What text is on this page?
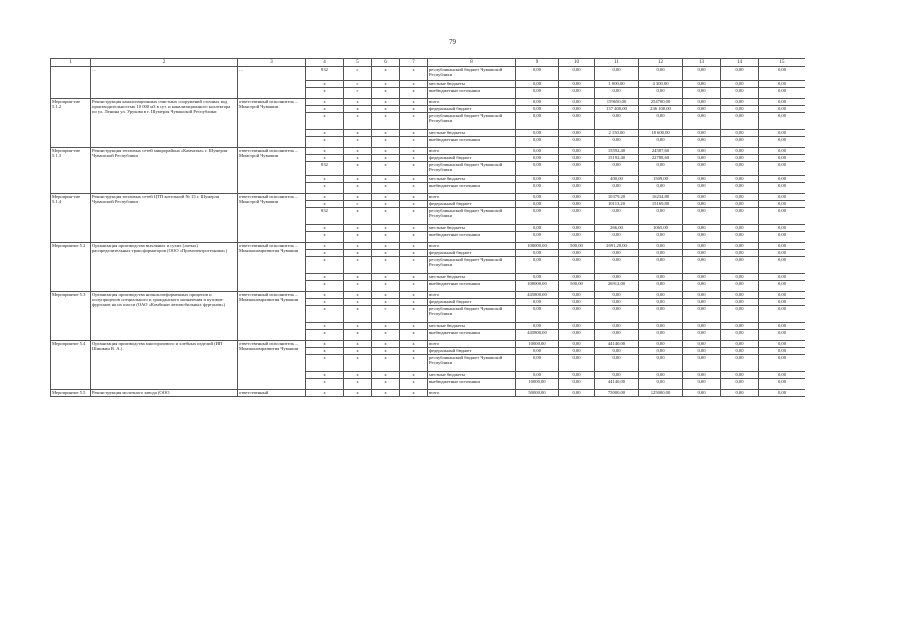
79
1	2	3	4	5	6	7	8	9	10	11	12	13	14	15
	…	…	832	г	х	х	республиканский бюджет Чувашской Республики	0,00	0,00	0,00	0,00	0,00	0,00	0,00
			х	г	х	х	местные бюджеты	0,00	0,00	1 000,00	4 300,00	0,00	0,00	0,00
			х	г	х	х	внебюджетные источники	0,00	0,00	0,00	0,00	0,00	0,00	0,00
Мероприя-тие 5.1.2	Реконструкция канализационных очистных сооружений сточных вод производительностью 10 000 м3 в сут. и канализационного коллектора по ул. Ленина ул. Урукова в г. Шумерля Чувашской Республики	ответственный исполнитель – Минстрой Чувашии	х	х	х	х	всего	0,00	0,00	159650,00	254700,00	0,00	0,00	0,00
			х	х	х	х	федеральный бюджет	0,00	0,00	157 400,00	236 100,00	0,00	0,00	0,00
			х	х	х	х	республиканский бюджет Чувашской Республики	0,00	0,00	0,00	0,00	0,00	0,00	0,00
			х	х	х	х	местные бюджеты	0,00	0,00	2 150,00	18 600,00	0,00	0,00	0,00
			х	х	х	х	внебюджетные источники	0,00	0,00	0,00	0,00	0,00	0,00	0,00
Мероприя-тие 5.1.3	Реконструкция тепловых сетей микрорайона «Камчатка» г. Шумерля Чувашской Республики	ответственный исполнитель – Минстрой Чувашии	х	х	х	х	всего	0,00	0,00	15592,40	24587,60	0,00	0,00	0,00
			х	х	х	х	федеральный бюджет	0,00	0,00	15192,40	22788,60	0,00	0,00	0,00
			832	х	х	х	республиканский бюджет Чувашской Республики	0,00	0,00	0,00	0,00	0,00	0,00	0,00
			х	х	х	х	местные бюджеты	0,00	0,00	400,00	1509,00	0,00	0,00	0,00
			х	х	х	х	внебюджетные источники	0,00	0,00	0,00	0,00	0,00	0,00	0,00
Мероприя-тие 5.1.4	Реконструкция тепловых сетей ЦТП котельной № 15 г. Шумерля Чувашской Республики	ответственный исполнитель – Минстрой Чувашии	х	х	х	х	всего	0,00	0,00	10379,20	16234,80	0,00	0,00	0,00
			х	г	х	х	федеральный бюджет	0,00	0,00	10113,20	15169,80	0,00	0,00	0,00
			832	х	х	х	республиканский бюджет Чувашской Республики	0,00	0,00	0,00	0,00	0,00	0,00	0,00
			х	х	х	х	местные бюджеты	0,00	0,00	266,00	1065,00	0,00	0,00	0,00
			х	х	х	х	внебюджетные источники	0,00	0,00	0,00	0,00	0,00	0,00	0,00
Мероприятие 5.2	Организация производства masляных и сухих (литых) распределительных трансформаторов (ООО «Промэлектротехника»)	ответственный исполнитель – Минэкономразвития Чувашии	х	х	х	х	всего	100000,00	500,00	2691,20,00	0,00	0,00	0,00	0,00
			х	х	х	х	федеральный бюджет	0,00	0,00	0,00	0,00	0,00	0,00	0,00
			х	х	х	х	республиканский бюджет Чувашской Республики	0,00	0,00	0,00	0,00	0,00	0,00	0,00
			х	х	х	х	местные бюджеты	0,00	0,00	0,00	0,00	0,00	0,00	0,00
			х	х	х	х	внебюджетные источники	100000,00	500,00	26912,00	0,00	0,00	0,00	0,00
Мероприятие 5.3	Организация производства низкоплатформенных прицепов и полуприцепов специального и гражданского назначения и кузовов-фургонов на их шасси (ОАО «Комбинат автомобильных фургонов»)	ответственный исполнитель – Минэкономразвития Чувашии	х	х	х	х	всего	445800,00	0,00	0,00	0,00	0,00	0,00	0,00
			х	х	х	х	федеральный бюджет	0,00	0,00	0,00	0,00	0,00	0,00	0,00
			х	х	г	х	республиканский бюджет Чувашской Республики	0,00	0,00	0,00	0,00	0,00	0,00	0,00
			х	х	х	х	местные бюджеты	0,00	0,00	0,00	0,00	0,00	0,00	0,00
			х	х	х	х	внебюджетные источники	445800,00	0,00	0,00	0,00	0,00	0,00	0,00
Мероприятие 5.4	Организация производства многоразового и хлебных изделий (ИП Шишкин В. А.)	ответственный исполнитель – Минэкономразвития Чувашии	х	х	х	х	всего	10000,00	0,00	44140,00	0,00	0,00	0,00	0,00
			х	х	х	х	федеральный бюджет	0,00	0,00	0,00	0,00	0,00	0,00	0,00
			х	х	х	х	республиканский бюджет Чувашской Республики	0,00	0,00	0,00	0,00	0,00	0,00	0,00
			х	х	х	х	местные бюджеты	0,00	0,00	0,00	0,00	0,00	0,00	0,00
			х	х	х	х	внебюджетные источники	10000,00	0,00	44140,00	0,00	0,00	0,00	0,00
Мероприятие 5.5	Реконструкция молочного завода (ООО	ответственный	х	х	х	х	всего	50000,00	0,00	75000,00	125000,00	0,00	0,00	0,00
